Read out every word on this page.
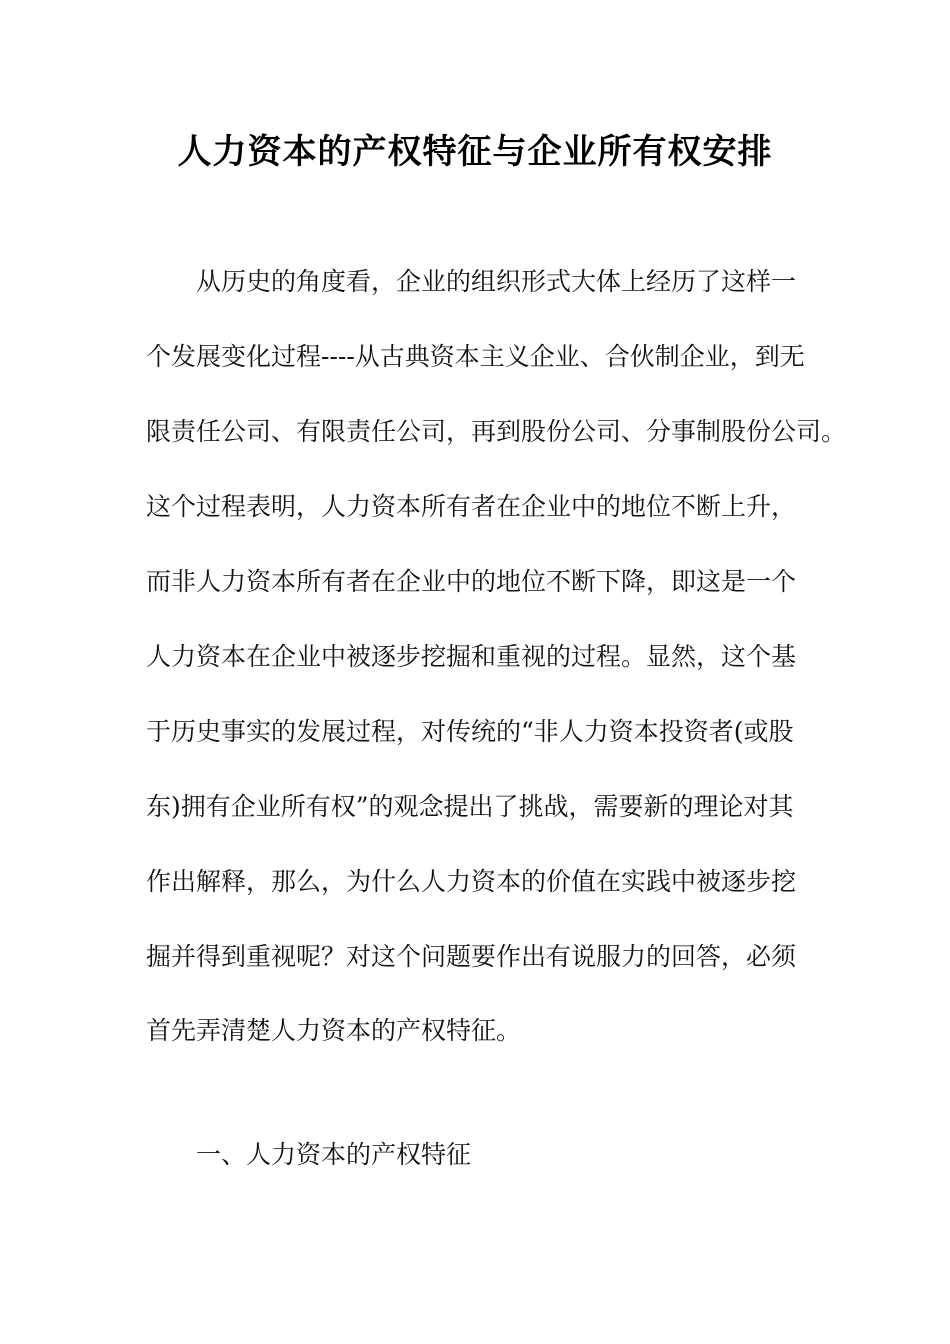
人力资本的产权特征与企业所有权安排
从历史的角度看，企业的组织形式大体上经历了这样一
个发展变化过程----从古典资本主义企业、合伙制企业，到无
限责任公司、有限责任公司，再到股份公司、分事制股份公司。
这个过程表明，人力资本所有者在企业中的地位不断上升，
而非人力资本所有者在企业中的地位不断下降，即这是一个
人力资本在企业中被逐步挖掘和重视的过程。显然，这个基
于历史事实的发展过程，对传统的“非人力资本投资者(或股
东)拥有企业所有权”的观念提出了挑战，需要新的理论对其
作出解释，那么，为什么人力资本的价值在实践中被逐步挖
掘并得到重视呢？对这个问题要作出有说服力的回答，必须
首先弄清楚人力资本的产权特征。
一、人力资本的产权特征
